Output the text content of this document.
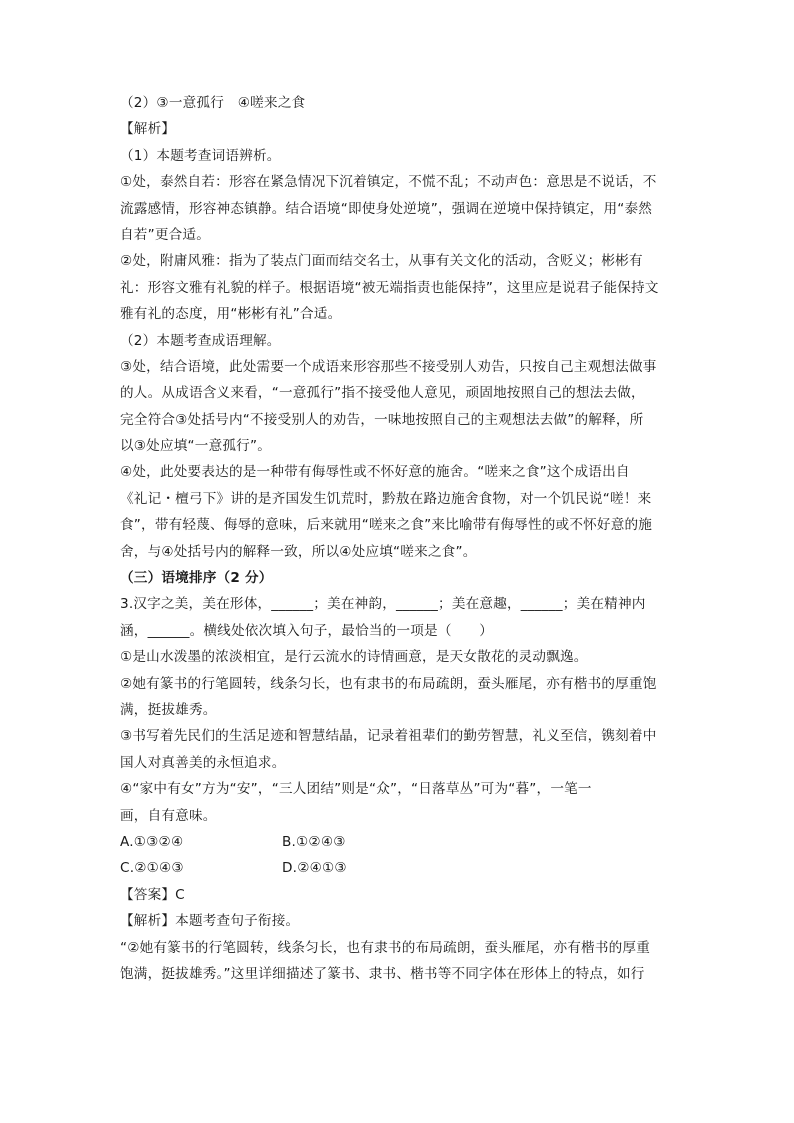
（2）③一意孤行　④嗟来之食
【解析】
（1）本题考查词语辨析。
①处，泰然自若：形容在紧急情况下沉着镇定，不慌不乱；不动声色：意思是不说话，不
流露感情，形容神态镇静。结合语境“即使身处逆境”，强调在逆境中保持镇定，用“泰然
自若”更合适。
②处，附庸风雅：指为了装点门面而结交名士，从事有关文化的活动，含贬义；彬彬有
礼：形容文雅有礼貌的样子。根据语境“被无端指责也能保持”，这里应是说君子能保持文
雅有礼的态度，用“彬彬有礼”合适。
（2）本题考查成语理解。
③处，结合语境，此处需要一个成语来形容那些不接受别人劝告，只按自己主观想法做事
的人。从成语含义来看，“一意孤行”指不接受他人意见，顽固地按照自己的想法去做，
完全符合③处括号内“不接受别人的劝告，一味地按照自己的主观想法去做”的解释，所
以③处应填“一意孤行”。
④处，此处要表达的是一种带有侮辱性或不怀好意的施舍。“嗟来之食”这个成语出自
《礼记・檀弓下》讲的是齐国发生饥荒时，黔敖在路边施舍食物，对一个饥民说“嗟！来
食”，带有轻蔑、侮辱的意味，后来就用“嗟来之食”来比喻带有侮辱性的或不怀好意的施
舍，与④处括号内的解释一致，所以④处应填“嗟来之食”。
（三）语境排序（2 分）
3.汉字之美，美在形体，______；美在神韵，______；美在意趣，______；美在精神内
涵，______。横线处依次填入句子，最恰当的一项是（　　）
①是山水泼墨的浓淡相宜，是行云流水的诗情画意，是天女散花的灵动飘逸。
②她有篆书的行笔圆转，线条匀长，也有隶书的布局疏朗，蚕头雁尾，亦有楷书的厚重饱
满，挺拔雄秀。
③书写着先民们的生活足迹和智慧结晶，记录着祖辈们的勤劳智慧，礼义至信，镌刻着中
国人对真善美的永恒追求。
④“家中有女”方为“安”，“三人团结”则是“众”，“日落草丛”可为“暮”，一笔一
画，自有意味。
A.①③②④	B.①②④③
C.②①④③	D.②④①③
【答案】C
【解析】本题考查句子衔接。
“②她有篆书的行笔圆转，线条匀长，也有隶书的布局疏朗，蚕头雁尾，亦有楷书的厚重
饱满，挺拔雄秀。”这里详细描述了篆书、隶书、楷书等不同字体在形体上的特点，如行
